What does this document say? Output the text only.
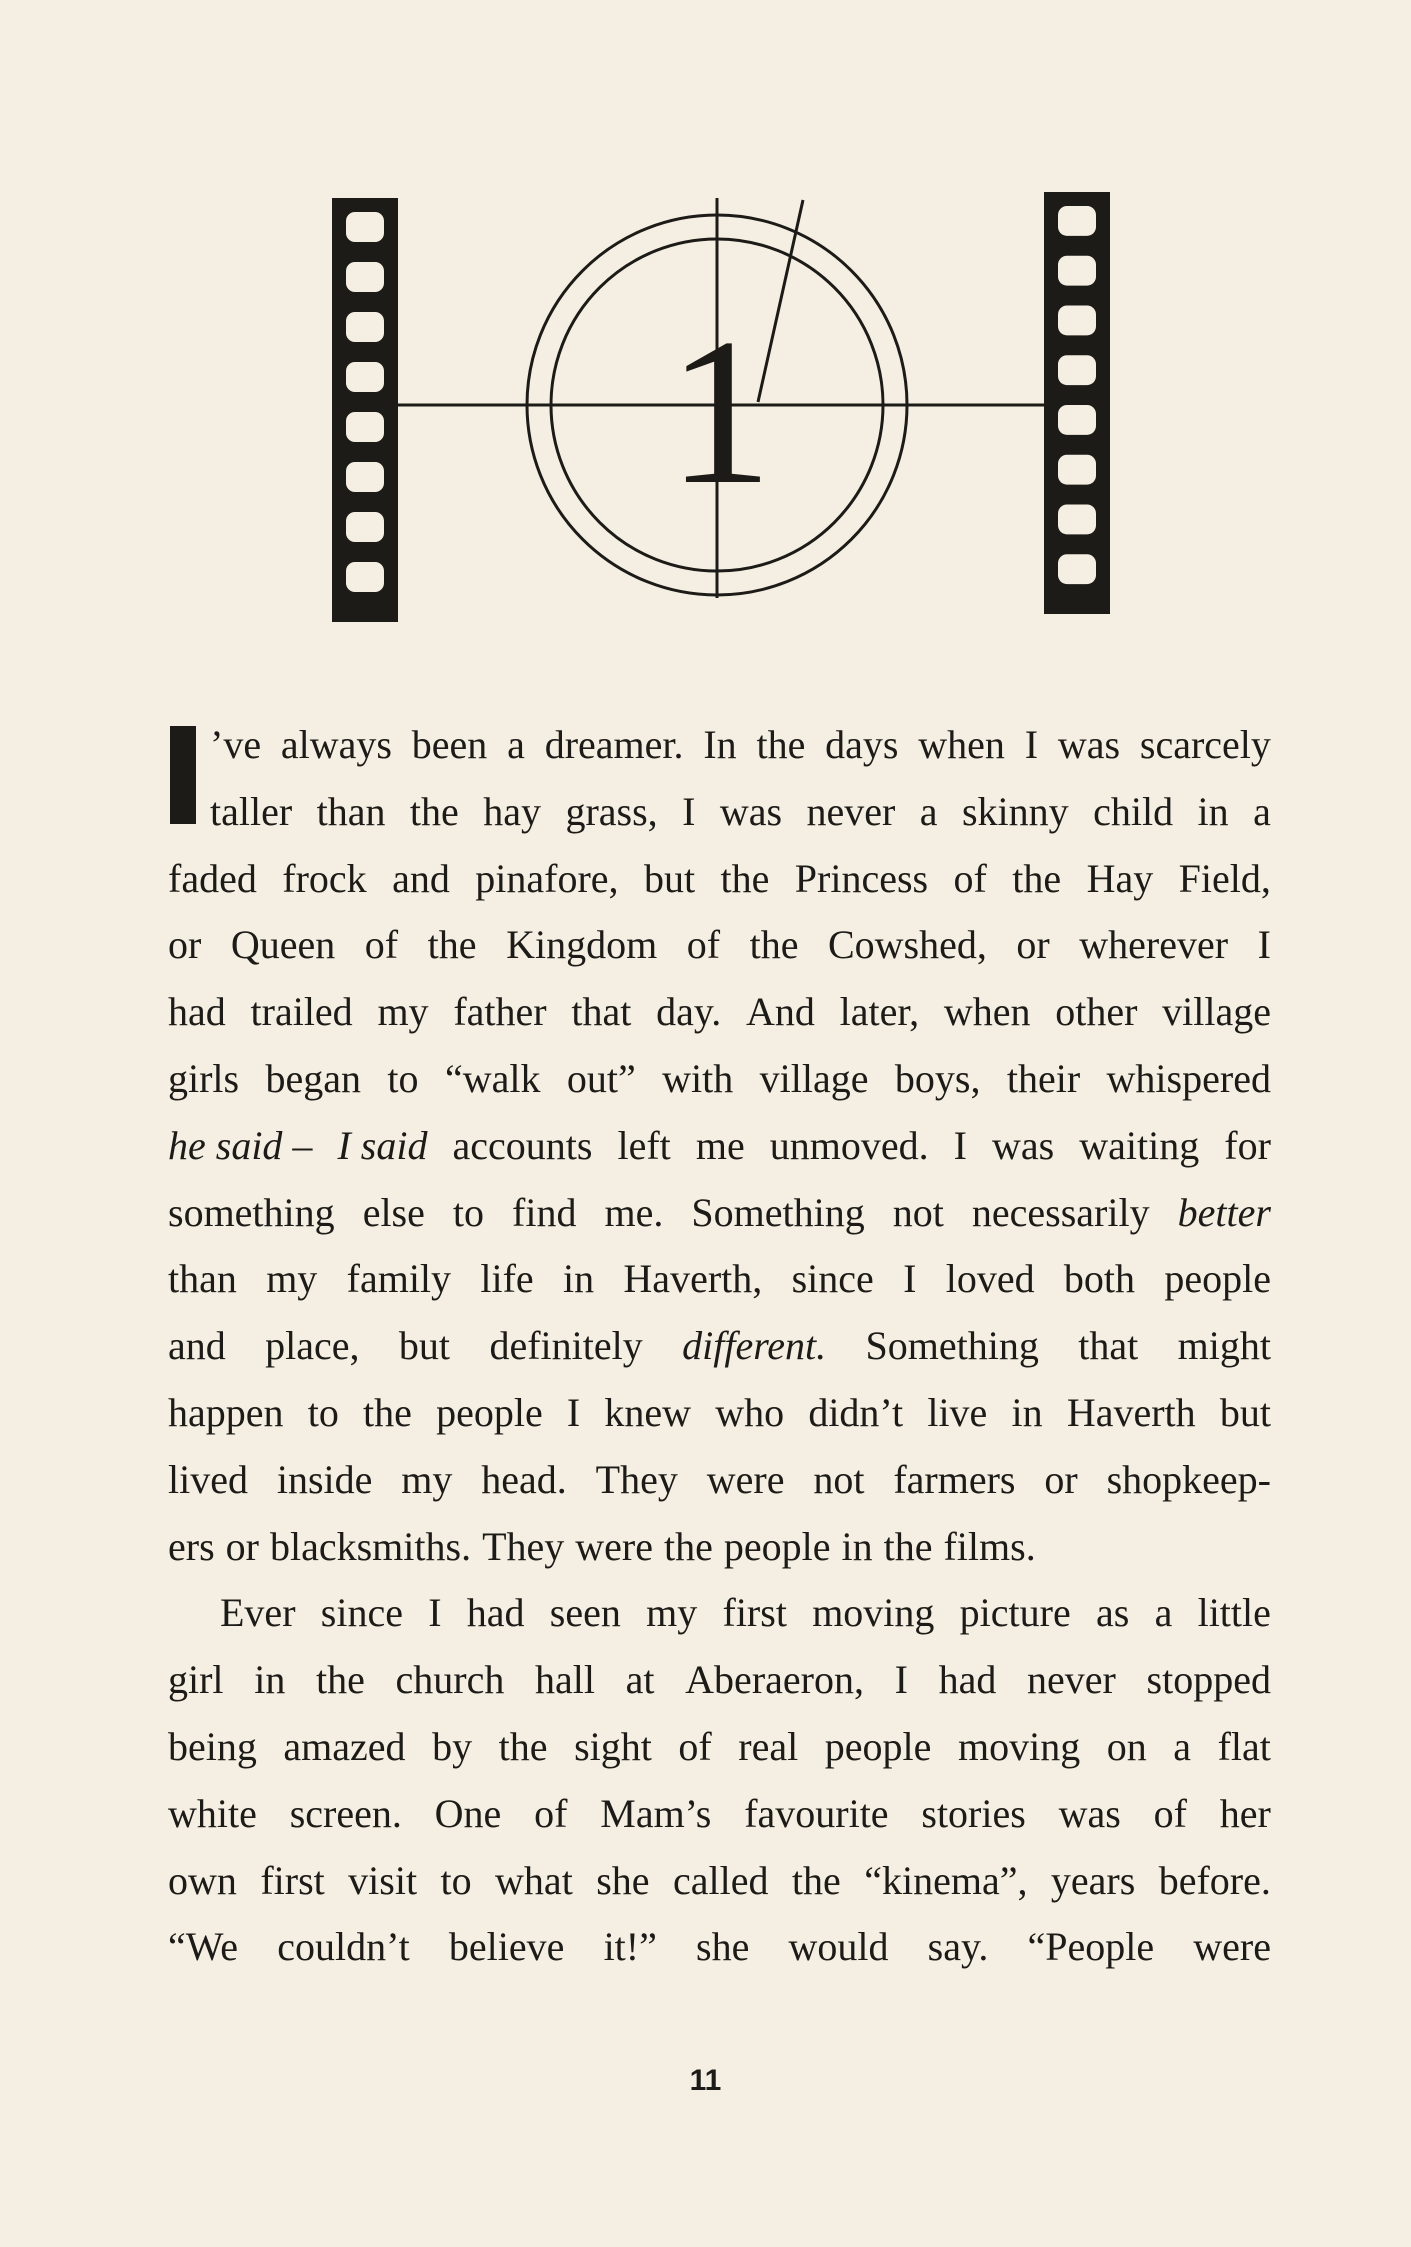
1
’ve always been a dreamer. In the days when I was scarcely
taller than the hay grass, I was never a skinny child in a
faded frock and pinafore, but the Princess of the Hay Field,
or Queen of the Kingdom of the Cowshed, or wherever I
had trailed my father that day. And later, when other village
girls began to “walk out” with village boys, their whispered
he said – I said accounts left me unmoved. I was waiting for
something else to find me. Something not necessarily better
than my family life in Haverth, since I loved both people
and place, but definitely different. Something that might
happen to the people I knew who didn’t live in Haverth but
lived inside my head. They were not farmers or shopkeep-
ers or blacksmiths. They were the people in the films.
Ever since I had seen my first moving picture as a little
girl in the church hall at Aberaeron, I had never stopped
being amazed by the sight of real people moving on a flat
white screen. One of Mam’s favourite stories was of her
own first visit to what she called the “kinema”, years before.
“We couldn’t believe it!” she would say. “People were
11
